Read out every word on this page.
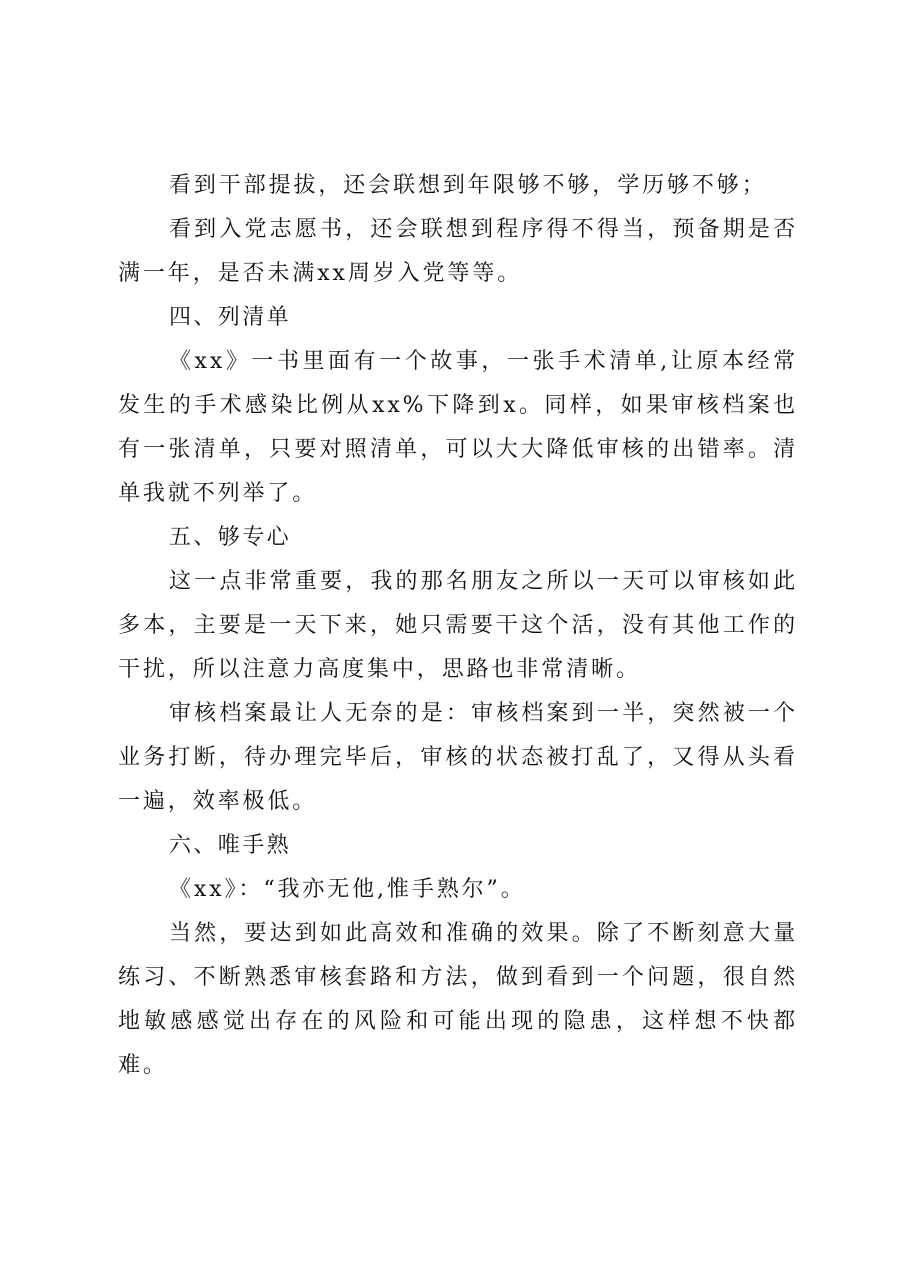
看到干部提拔，还会联想到年限够不够，学历够不够；

看到入党志愿书，还会联想到程序得不得当，预备期是否满一年，是否未满xx周岁入党等等。

四、列清单

《xx》一书里面有一个故事，一张手术清单,让原本经常发生的手术感染比例从xx%下降到x。同样，如果审核档案也有一张清单，只要对照清单，可以大大降低审核的出错率。清单我就不列举了。

五、够专心

这一点非常重要，我的那名朋友之所以一天可以审核如此多本，主要是一天下来，她只需要干这个活，没有其他工作的干扰，所以注意力高度集中，思路也非常清晰。

审核档案最让人无奈的是：审核档案到一半，突然被一个业务打断，待办理完毕后，审核的状态被打乱了，又得从头看一遍，效率极低。

六、唯手熟

《xx》：“我亦无他,惟手熟尔”。

当然，要达到如此高效和准确的效果。除了不断刻意大量练习、不断熟悉审核套路和方法，做到看到一个问题，很自然地敏感感觉出存在的风险和可能出现的隐患，这样想不快都难。
